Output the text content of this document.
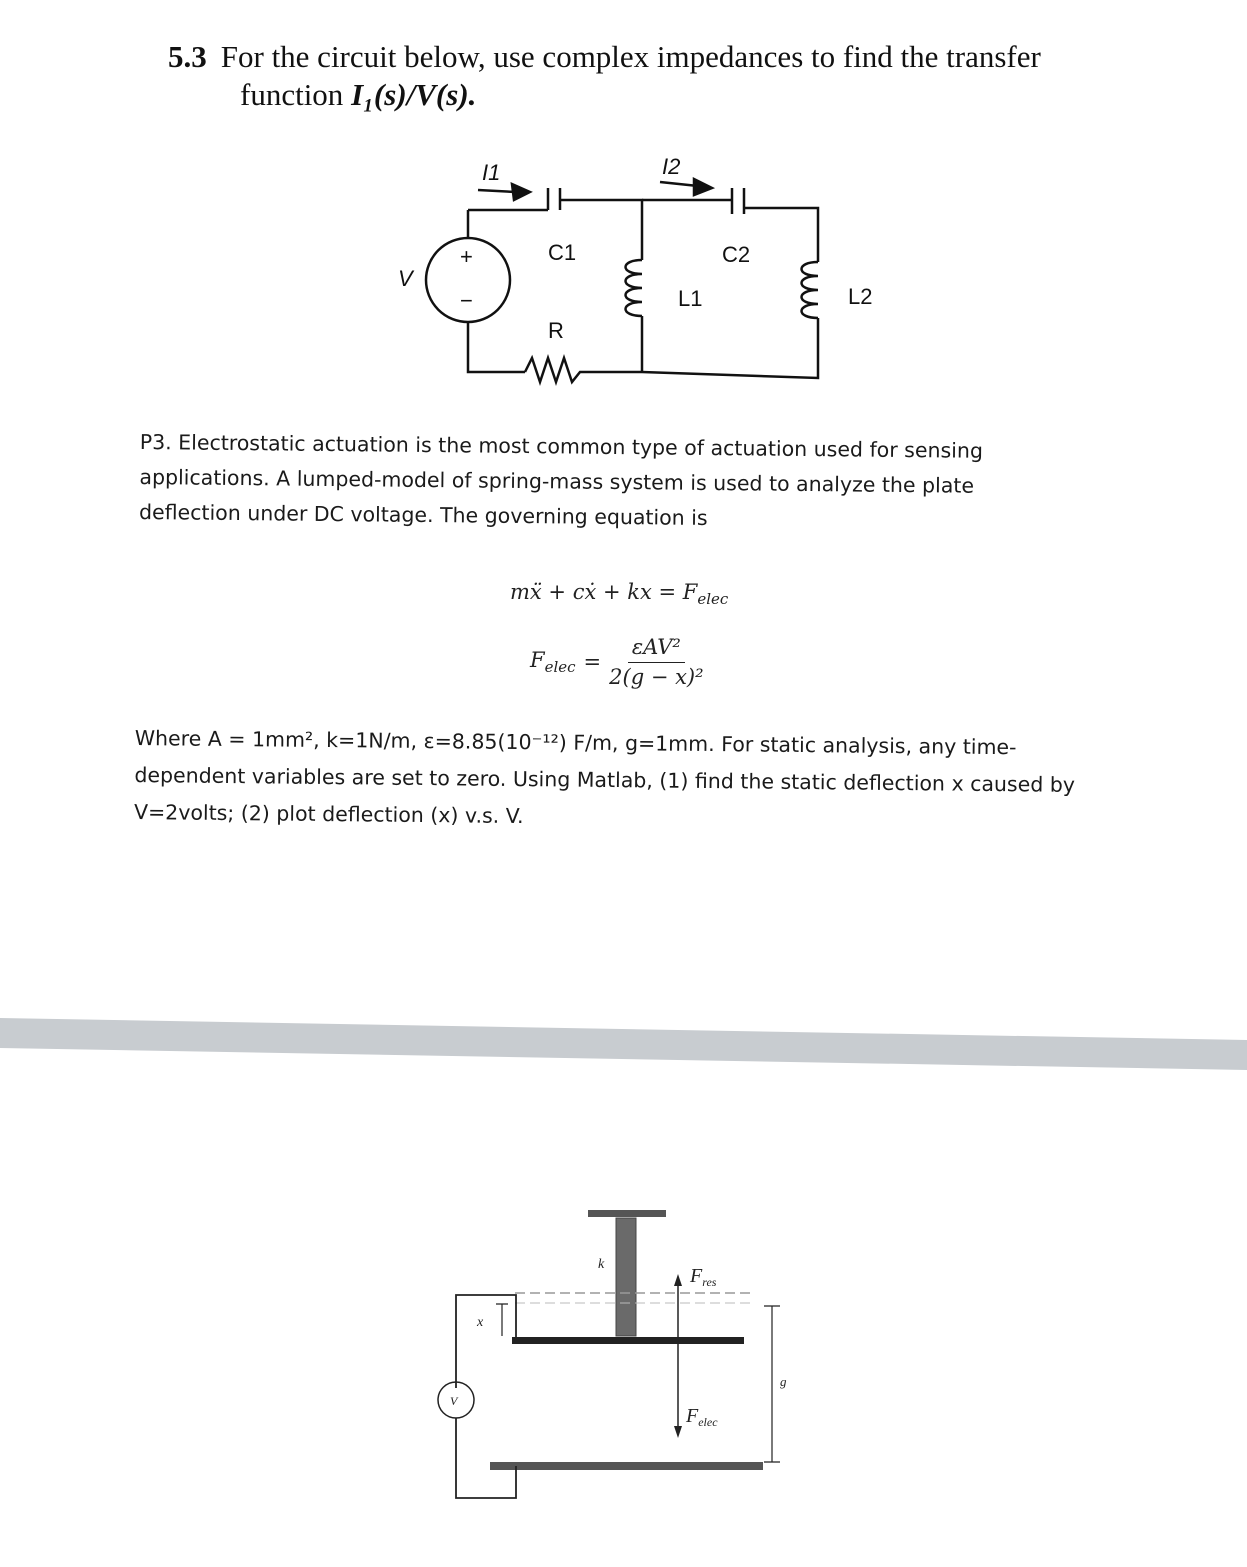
5.3 For the circuit below, use complex impedances to find the transfer
function I₁(s)/V(s).
I1	I2
C1	C2
L1	L2
R
V
+
−
P3. Electrostatic actuation is the most common type of actuation used for sensing applications. A lumped-model of spring-mass system is used to analyze the plate deflection under DC voltage. The governing equation is
mẍ + cẋ + kx = $F_{elec}$
$F_{elec} = \frac{\text{εAV²}}{\text{2(g − x)²}}$
Where A = 1mm², k=1N/m, ε=8.85(10⁻¹²) F/m, g=1mm. For static analysis, any time-dependent variables are set to zero. Using Matlab, (1) find the static deflection x caused by V=2volts; (2) plot deflection (x) v.s. V.
k
$F_{res}$
$F_{elec}$
x
g
V
